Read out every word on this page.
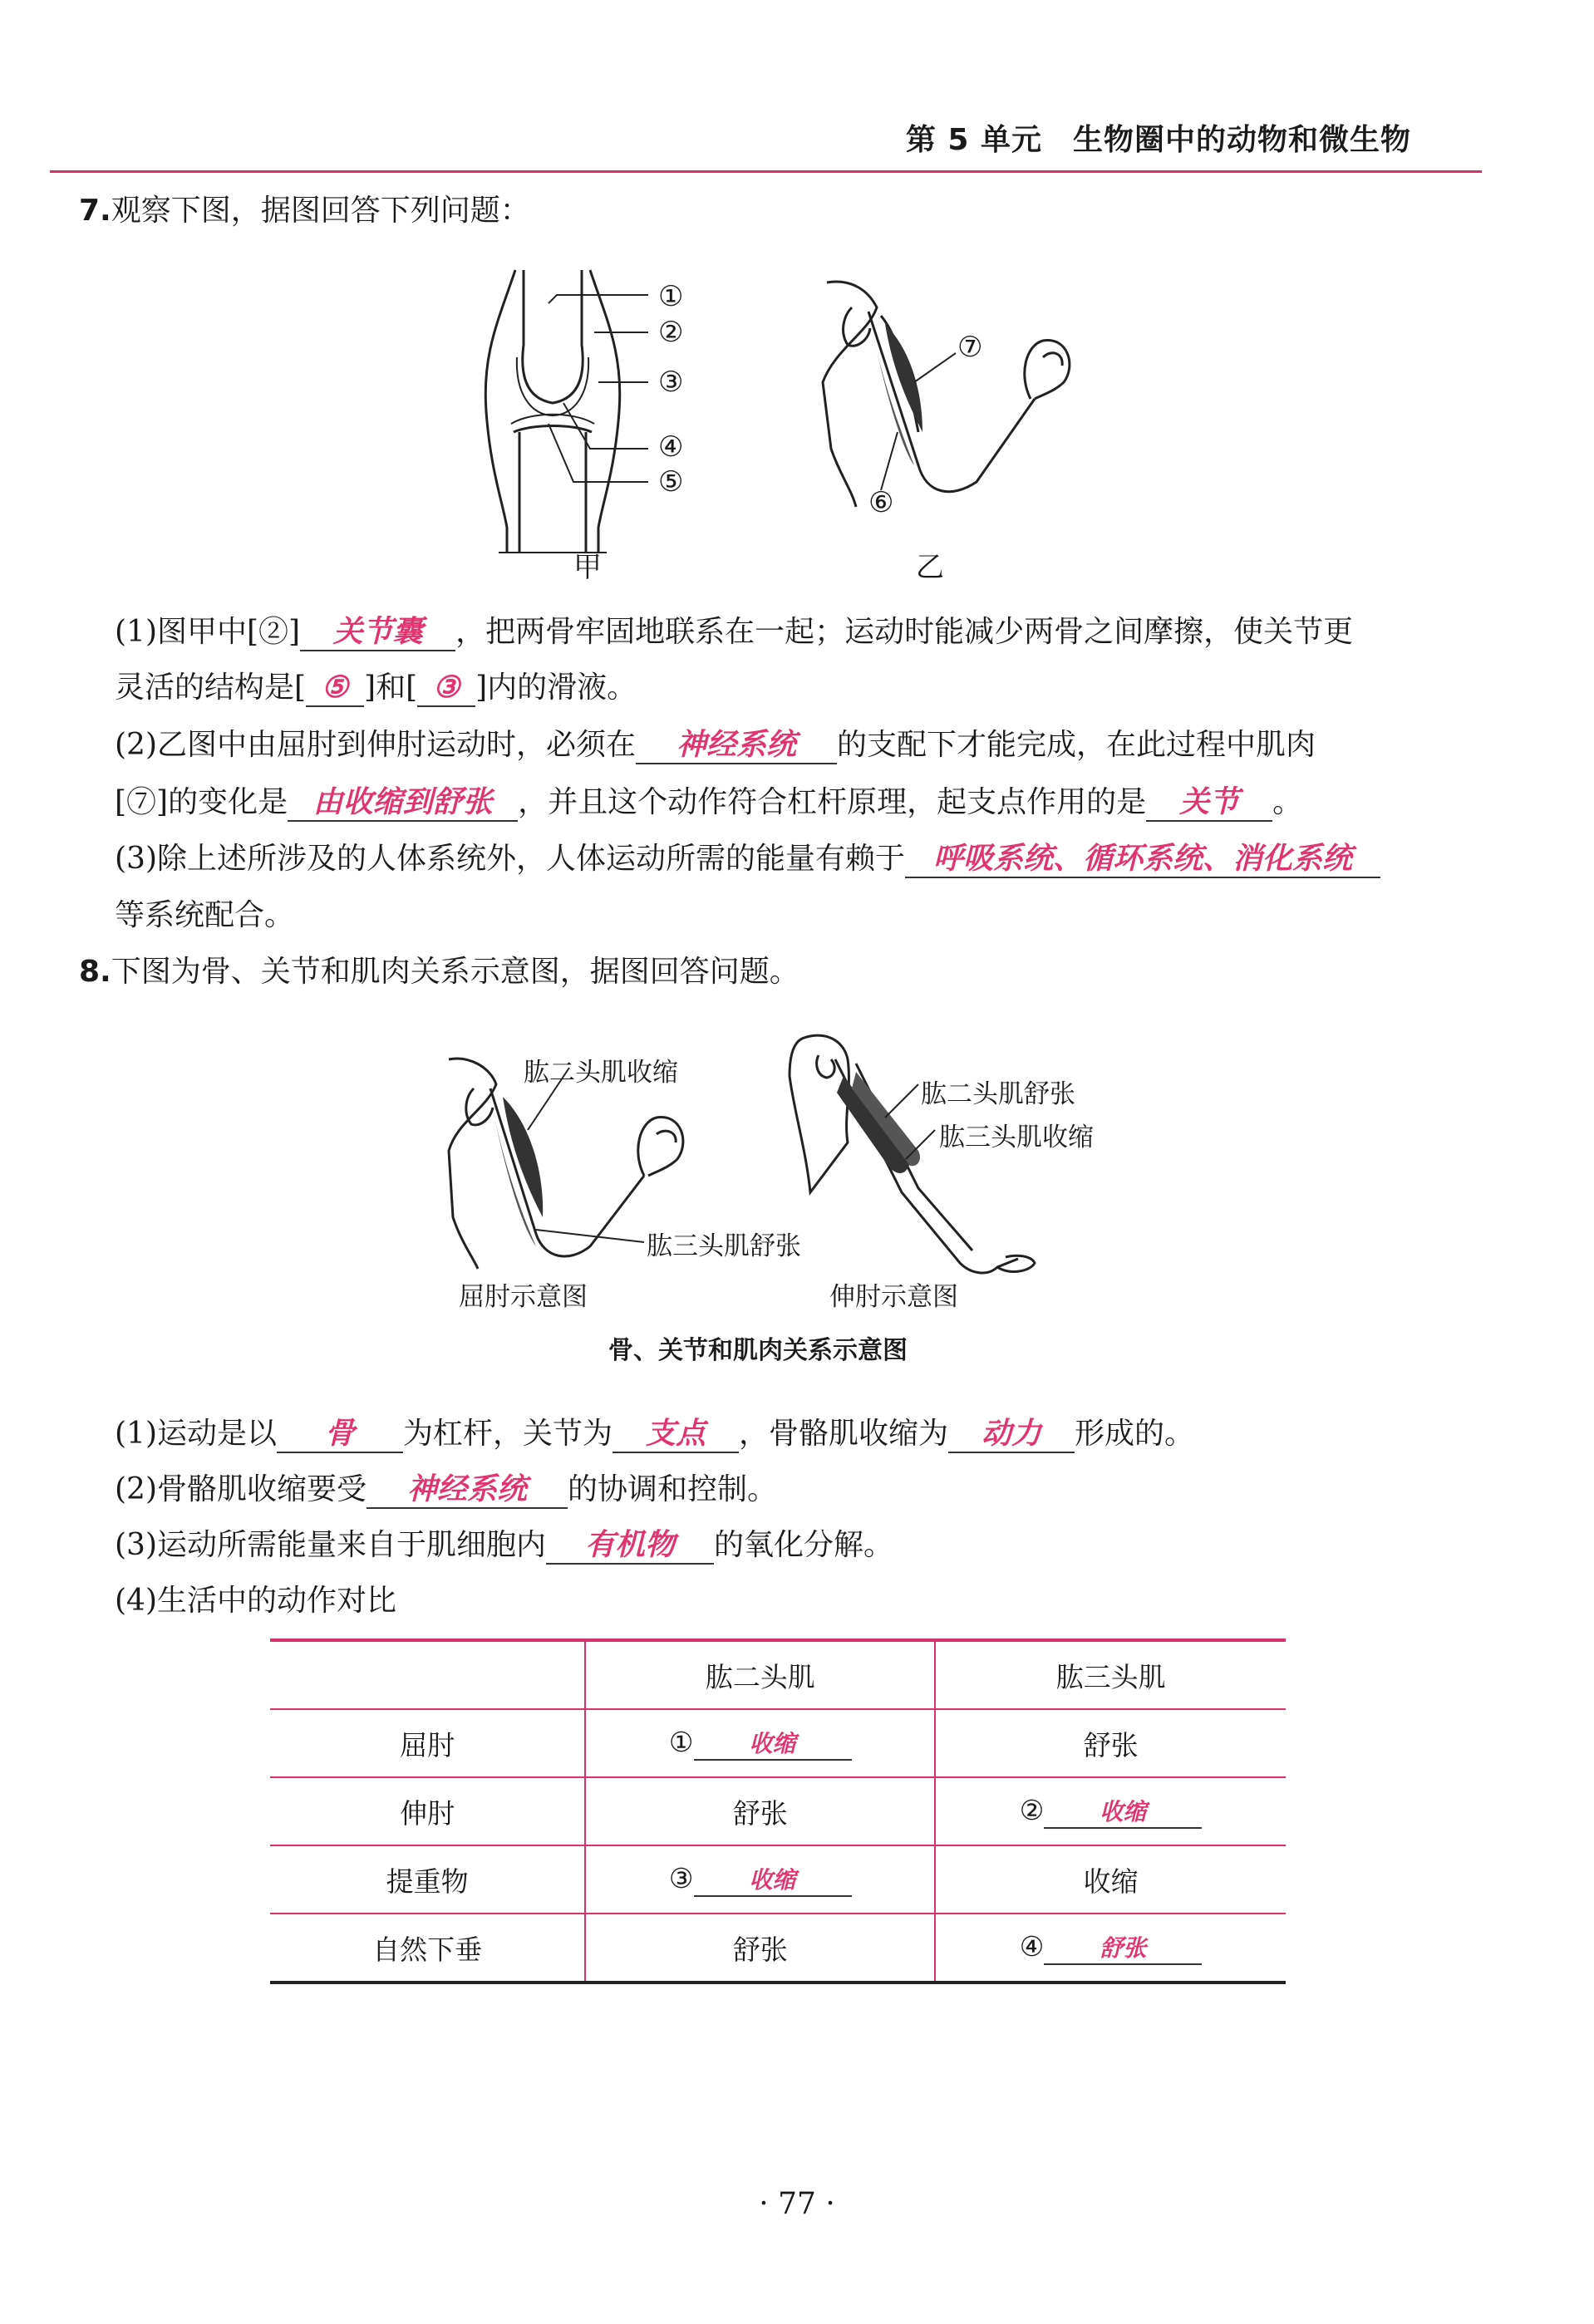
第 5 单元　生物圈中的动物和微生物
7.观察下图，据图回答下列问题：
①
②
③
④
⑤
甲
⑦
⑥
乙
(1)图甲中[②] 关节囊 ，把两骨牢固地联系在一起；运动时能减少两骨之间摩擦，使关节更
灵活的结构是[ ⑤ ]和[ ③ ]内的滑液。
(2)乙图中由屈肘到伸肘运动时，必须在 神经系统 的支配下才能完成，在此过程中肌肉
[⑦]的变化是 由收缩到舒张 ，并且这个动作符合杠杆原理，起支点作用的是 关节 。
(3)除上述所涉及的人体系统外，人体运动所需的能量有赖于 呼吸系统、循环系统、消化系统
等系统配合。
8.下图为骨、关节和肌肉关系示意图，据图回答问题。
肱二头肌收缩
肱三头肌舒张
屈肘示意图
肱二头肌舒张
肱三头肌收缩
伸肘示意图
骨、关节和肌肉关系示意图
(1)运动是以 骨 为杠杆，关节为 支点 ，骨骼肌收缩为 动力 形成的。
(2)骨骼肌收缩要受 神经系统 的协调和控制。
(3)运动所需能量来自于肌细胞内 有机物 的氧化分解。
(4)生活中的动作对比
	肱二头肌	肱三头肌
屈肘	① 收缩	舒张
伸肘	舒张	② 收缩
提重物	③ 收缩	收缩
自然下垂	舒张	④ 舒张
· 77 ·
